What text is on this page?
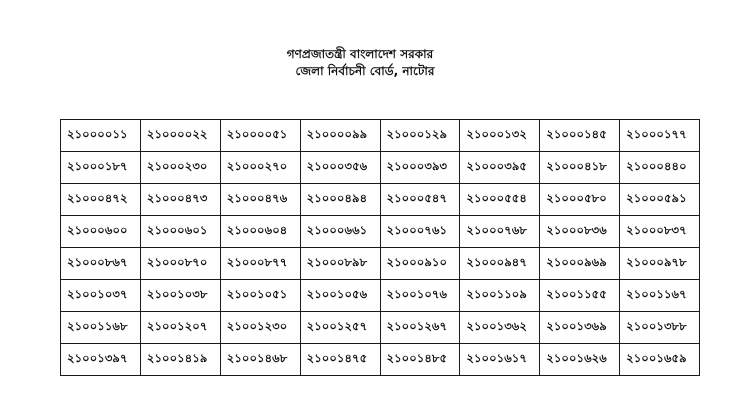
গণপ্রজাতন্ত্রী বাংলাদেশ সরকার
জেলা নির্বাচনী বোর্ড, নাটোর
২১০০০০১১	২১০০০০২২	২১০০০০৫১	২১০০০০৯৯	২১০০০১২৯	২১০০০১৩২	২১০০০১৪৫	২১০০০১৭৭
২১০০০১৮৭	২১০০০২৩০	২১০০০২৭০	২১০০০৩৫৬	২১০০০৩৯৩	২১০০০৩৯৫	২১০০০৪১৮	২১০০০৪৪০
২১০০০৪৭২	২১০০০৪৭৩	২১০০০৪৭৬	২১০০০৪৯৪	২১০০০৫৪৭	২১০০০৫৫৪	২১০০০৫৮০	২১০০০৫৯১
২১০০০৬০০	২১০০০৬০১	২১০০০৬০৪	২১০০০৬৬১	২১০০০৭৬১	২১০০০৭৬৮	২১০০০৮৩৬	২১০০০৮৩৭
২১০০০৮৬৭	২১০০০৮৭০	২১০০০৮৭৭	২১০০০৮৯৮	২১০০০৯১০	২১০০০৯৪৭	২১০০০৯৬৯	২১০০০৯৭৮
২১০০১০৩৭	২১০০১০৩৮	২১০০১০৫১	২১০০১০৫৬	২১০০১০৭৬	২১০০১১০৯	২১০০১১৫৫	২১০০১১৬৭
২১০০১১৬৮	২১০০১২০৭	২১০০১২৩০	২১০০১২৫৭	২১০০১২৬৭	২১০০১৩৬২	২১০০১৩৬৯	২১০০১৩৮৮
২১০০১৩৯৭	২১০০১৪১৯	২১০০১৪৬৮	২১০০১৪৭৫	২১০০১৪৮৫	২১০০১৬১৭	২১০০১৬২৬	২১০০১৬৫৯
